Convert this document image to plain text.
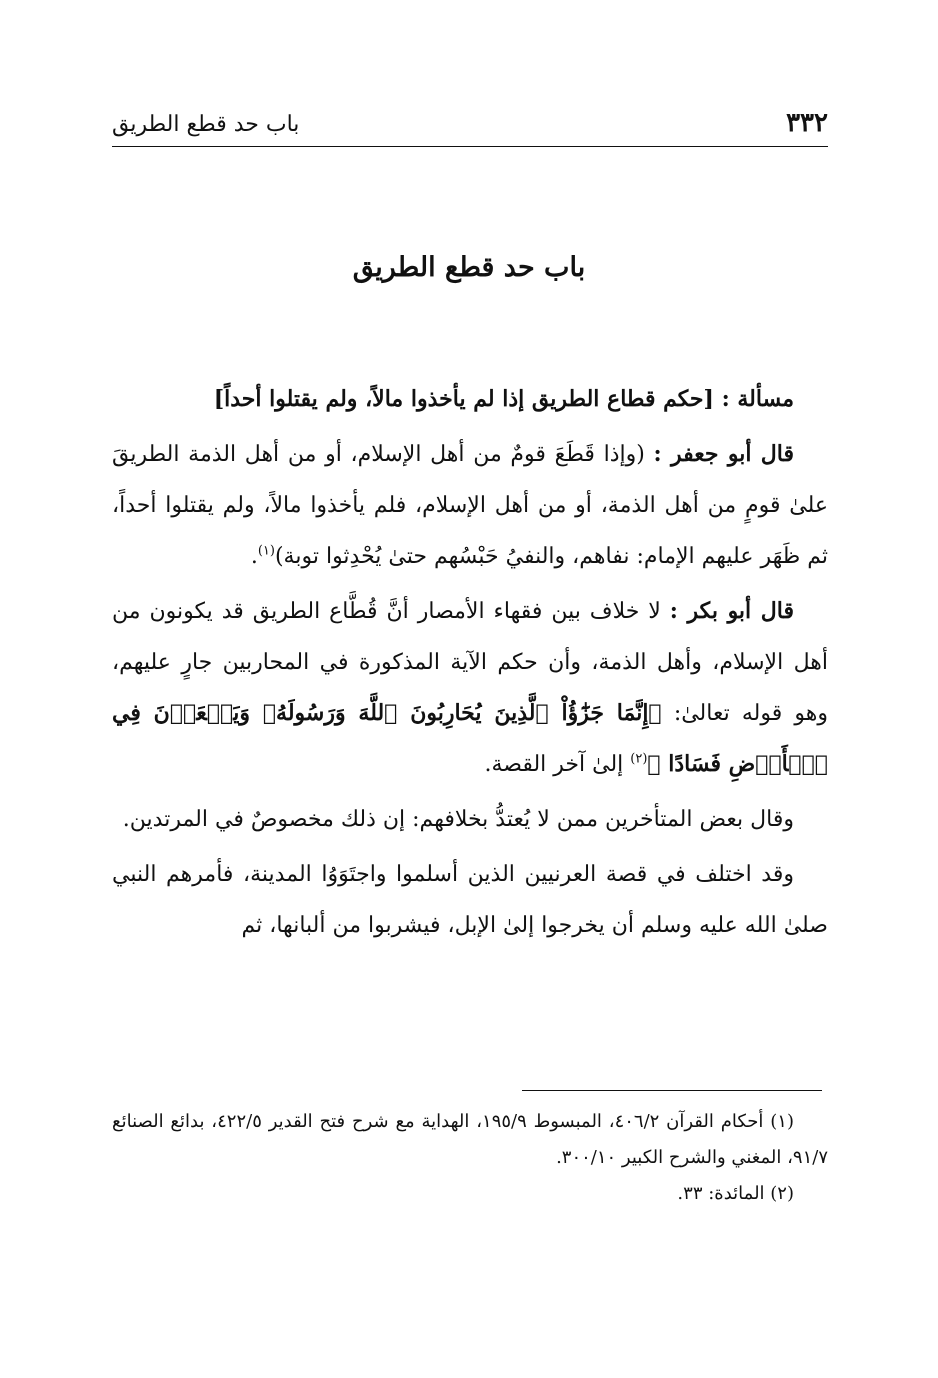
٣٣٢
باب حد قطع الطريق
باب حد قطع الطريق

مسألة : [حكم قطاع الطريق إذا لم يأخذوا مالاً، ولم يقتلوا أحداً]

قال أبو جعفر : (وإذا قَطَعَ قومٌ من أهل الإسلام، أو من أهل الذمة الطريقَ علىٰ قومٍ من أهل الذمة، أو من أهل الإسلام، فلم يأخذوا مالاً، ولم يقتلوا أحداً، ثم ظَهَر عليهم الإمام: نفاهم، والنفيُ حَبْسُهم حتىٰ يُحْدِثوا توبة)$^{(١)}$.

قال أبو بكر : لا خلاف بين فقهاء الأمصار أنَّ قُطَّاع الطريق قد يكونون من أهل الإسلام، وأهل الذمة، وأن حكم الآية المذكورة في المحاربين جارٍ عليهم، وهو قوله تعالىٰ: ﴿إِنَّمَا جَزَٰٓؤُاْ ٱلَّذِينَ يُحَارِبُونَ ٱللَّهَ وَرَسُولَهُۥ وَيَسۡعَوۡنَ فِي ٱلۡأَرۡضِ فَسَادًا ﴾$^{(٢)}$ إلىٰ آخر القصة.

وقال بعض المتأخرين ممن لا يُعتدُّ بخلافهم: إن ذلك مخصوصٌ في المرتدين.

وقد اختلف في قصة العرنيين الذين أسلموا واجتَوَوُا المدينة، فأمرهم النبي صلىٰ الله عليه وسلم أن يخرجوا إلىٰ الإبل، فيشربوا من ألبانها، ثم

(١) أحكام القرآن ٤٠٦/٢، المبسوط ١٩٥/٩، الهداية مع شرح فتح القدير ٤٢٢/٥، بدائع الصنائع ٩١/٧، المغني والشرح الكبير ٣٠٠/١٠.

(٢) المائدة: ٣٣.
